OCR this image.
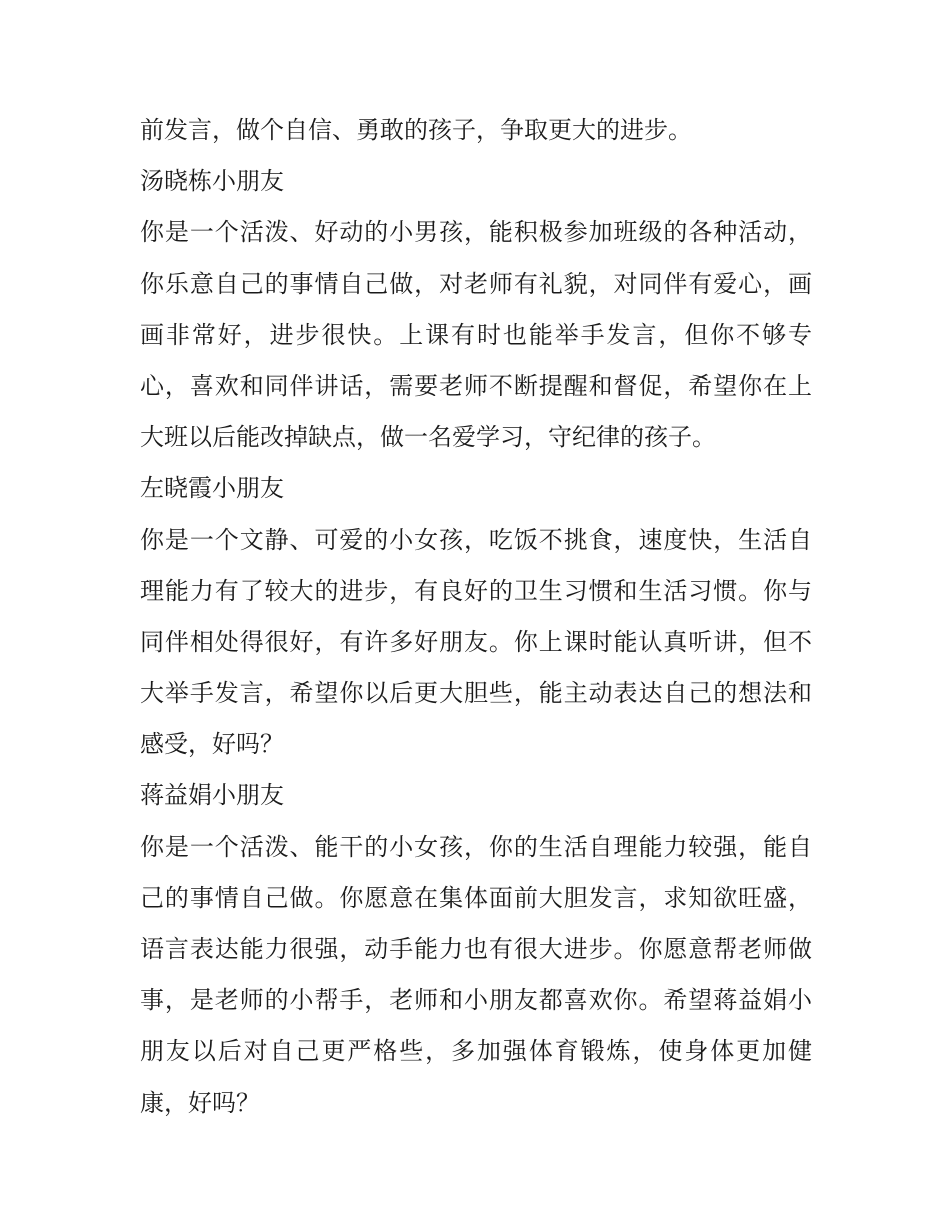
前发言，做个自信、勇敢的孩子，争取更大的进步。
汤晓栋小朋友
你是一个活泼、好动的小男孩，能积极参加班级的各种活动，
你乐意自己的事情自己做，对老师有礼貌，对同伴有爱心，画
画非常好，进步很快。上课有时也能举手发言，但你不够专
心，喜欢和同伴讲话，需要老师不断提醒和督促，希望你在上
大班以后能改掉缺点，做一名爱学习，守纪律的孩子。
左晓霞小朋友
你是一个文静、可爱的小女孩，吃饭不挑食，速度快，生活自
理能力有了较大的进步，有良好的卫生习惯和生活习惯。你与
同伴相处得很好，有许多好朋友。你上课时能认真听讲，但不
大举手发言，希望你以后更大胆些，能主动表达自己的想法和
感受，好吗？
蒋益娟小朋友
你是一个活泼、能干的小女孩，你的生活自理能力较强，能自
己的事情自己做。你愿意在集体面前大胆发言，求知欲旺盛，
语言表达能力很强，动手能力也有很大进步。你愿意帮老师做
事，是老师的小帮手，老师和小朋友都喜欢你。希望蒋益娟小
朋友以后对自己更严格些，多加强体育锻炼，使身体更加健
康，好吗？
